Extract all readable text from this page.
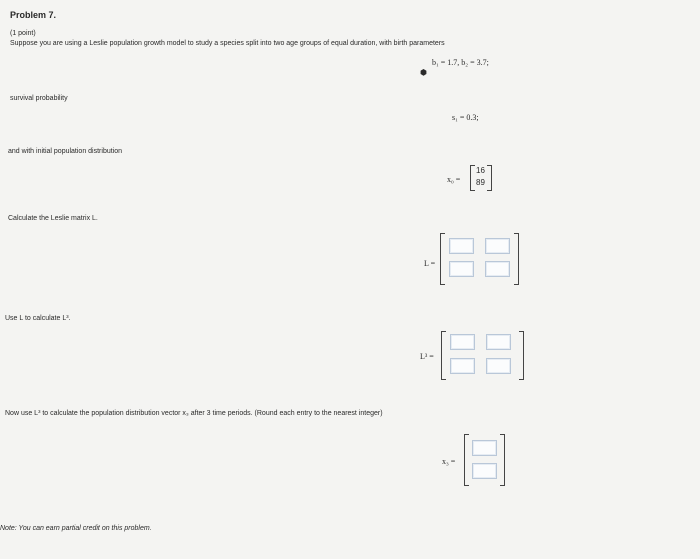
Problem 7.
(1 point)
Suppose you are using a Leslie population growth model to study a species split into two age groups of equal duration, with birth parameters
b₁ = 1.7, b₂ = 3.7;
⬢
survival probability
s₁ = 0.3;
and with initial population distribution
x₀ =
16
89
Calculate the Leslie matrix L.
L =
Use L to calculate L³.
L³ =
Now use L³ to calculate the population distribution vector x₃ after 3 time periods. (Round each entry to the nearest integer)
x₃ =
Note: You can earn partial credit on this problem.
